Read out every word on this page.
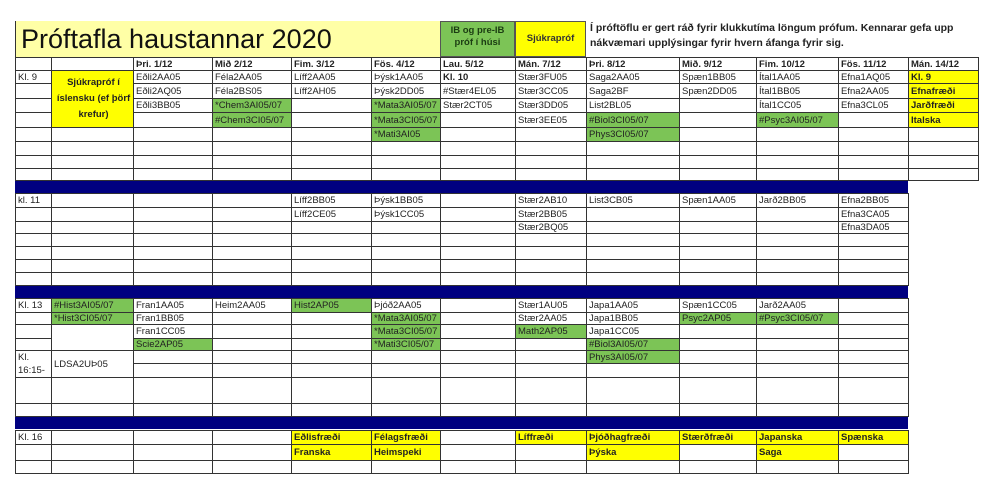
Próftafla haustannar 2020	IB og pre-IB próf í húsi	Sjúkrapróf
Í próftöflu er gert ráð fyrir klukkutíma löngum prófum. Kennarar gefa upp nákvæmari upplýsingar fyrir hvern áfanga fyrir sig.
		Þri. 1/12	Mið 2/12	Fim. 3/12	Fös. 4/12	Lau. 5/12	Mán. 7/12	Þri. 8/12	Mið. 9/12	Fim. 10/12	Fös. 11/12	Mán. 14/12
Kl. 9	Sjúkrapróf í íslensku (ef þörf krefur)	Eðli2AA05	Féla2AA05	Líff2AA05	Þýsk1AA05	Kl. 10	Stær3FU05	Saga2AA05	Spæn1BB05	Ítal1AA05	Efna1AQ05	Kl. 9
		Eðli2AQ05	Féla2BS05	Líff2AH05	Þýsk2DD05	#Stær4EL05	Stær3CC05	Saga2BF	Spæn2DD05	Ítal1BB05	Efna2AA05	Efnafræði
		Eðli3BB05	*Chem3AI05/07		*Mata3AI05/07	Stær2CT05	Stær3DD05	List2BL05		Ítal1CC05	Efna3CL05	Jarðfræði
			#Chem3CI05/07		*Mata3CI05/07		Stær3EE05	#Biol3CI05/07		#Psyc3AI05/07		Italska
					*Mati3AI05			Phys3CI05/07				

kl. 11				Líff2BB05	Þýsk1BB05		Stær2AB10	List3CB05	Spæn1AA05	Jarð2BB05	Efna2BB05
				Líff2CE05	Þýsk1CC05		Stær2BB05				Efna3CA05
							Stær2BQ05				Efna3DA05

Kl. 13	#Hist3AI05/07	Fran1AA05	Heim2AA05	Hist2AP05	Þjóð2AA05		Stær1AU05	Japa1AA05	Spæn1CC05	Jarð2AA05	
	*Hist3CI05/07	Fran1BB05			*Mata3AI05/07		Stær2AA05	Japa1BB05	Psyc2AP05	#Psyc3CI05/07	
		Fran1CC05			*Mata3CI05/07		Math2AP05	Japa1CC05			
		Scie2AP05			*Mati3CI05/07			#Biol3AI05/07			
Kl. 16:15-	LDSA2UÞ05							Phys3AI05/07			

Kl. 16				Eðlisfræði	Félagsfræði		Líffræði	Þjóðhagfræði	Stærðfræði	Japanska	Spænska
				Franska	Heimspeki			Þýska		Saga	
